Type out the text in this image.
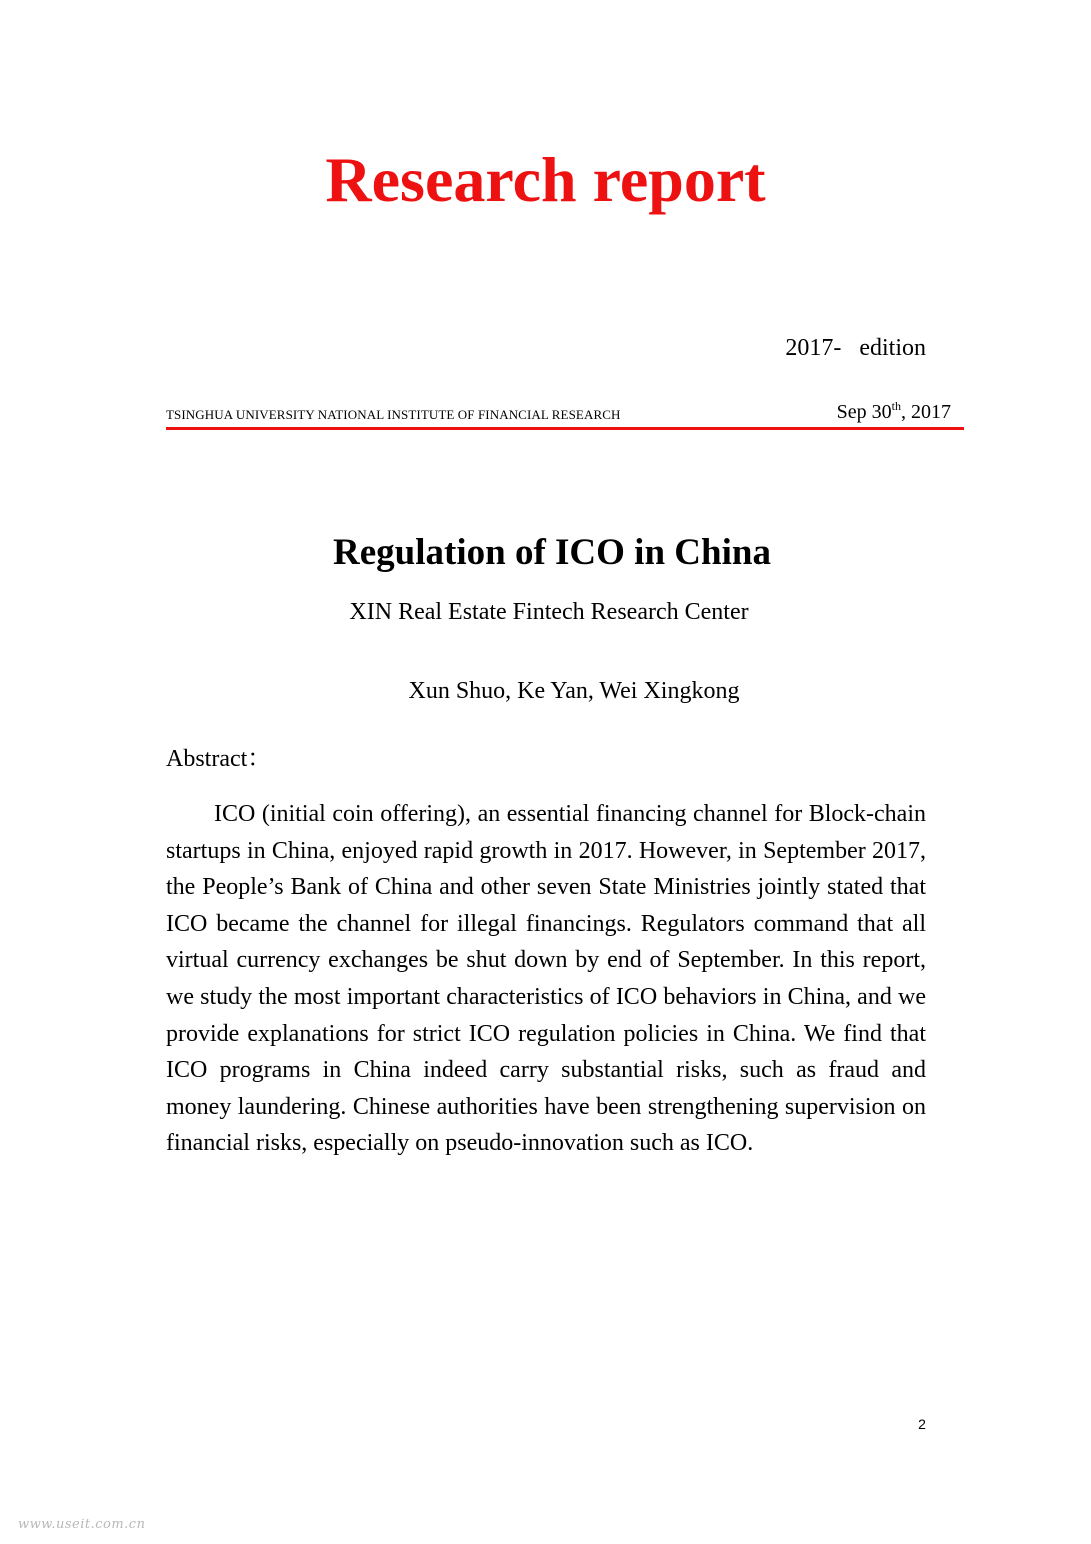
Research report
2017-   edition
TSINGHUA UNIVERSITY NATIONAL INSTITUTE OF FINANCIAL RESEARCH	Sep 30th, 2017
Regulation of ICO in China
XIN Real Estate Fintech Research Center
Xun Shuo, Ke Yan, Wei Xingkong
Abstract：

ICO (initial coin offering), an essential financing channel for Block-chain startups in China, enjoyed rapid growth in 2017. However, in September 2017, the People’s Bank of China and other seven State Ministries jointly stated that ICO became the channel for illegal financings. Regulators command that all virtual currency exchanges be shut down by end of September. In this report, we study the most important characteristics of ICO behaviors in China, and we provide explanations for strict ICO regulation policies in China. We find that ICO programs in China indeed carry substantial risks, such as fraud and money laundering. Chinese authorities have been strengthening supervision on financial risks, especially on pseudo-innovation such as ICO.

2
www.useit.com.cn
